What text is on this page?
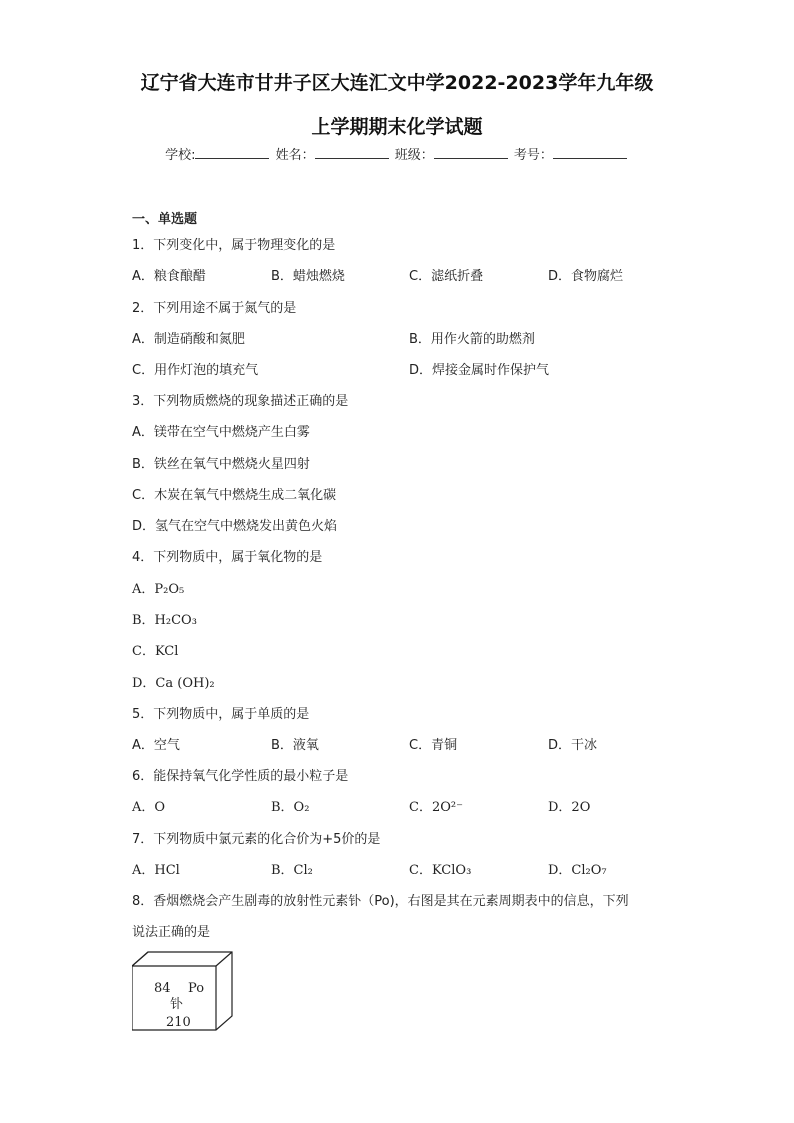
辽宁省大连市甘井子区大连汇文中学2022-2023学年九年级
上学期期末化学试题
学校:	姓名：	班级：	考号：
一、单选题
1．下列变化中，属于物理变化的是
A．粮食酿醋	B．蜡烛燃烧	C．滤纸折叠	D．食物腐烂
2．下列用途不属于氮气的是
A．制造硝酸和氮肥	B．用作火箭的助燃剂
C．用作灯泡的填充气	D．焊接金属时作保护气
3．下列物质燃烧的现象描述正确的是
A．镁带在空气中燃烧产生白雾
B．铁丝在氧气中燃烧火星四射
C．木炭在氧气中燃烧生成二氧化碳
D．氢气在空气中燃烧发出黄色火焰
4．下列物质中，属于氧化物的是
A．P₂O₅
B．H₂CO₃
C．KCl
D．Ca (OH)₂
5．下列物质中，属于单质的是
A．空气	B．液氧	C．青铜	D．干冰
6．能保持氧气化学性质的最小粒子是
A．O	B．O₂	C．2O²⁻	D．2O
7．下列物质中氯元素的化合价为+5价的是
A．HCl	B．Cl₂	C．KClO₃	D．Cl₂O₇
8．香烟燃烧会产生剧毒的放射性元素钋（Po)，右图是其在元素周期表中的信息，下列
说法正确的是
84 Po
钋
210
